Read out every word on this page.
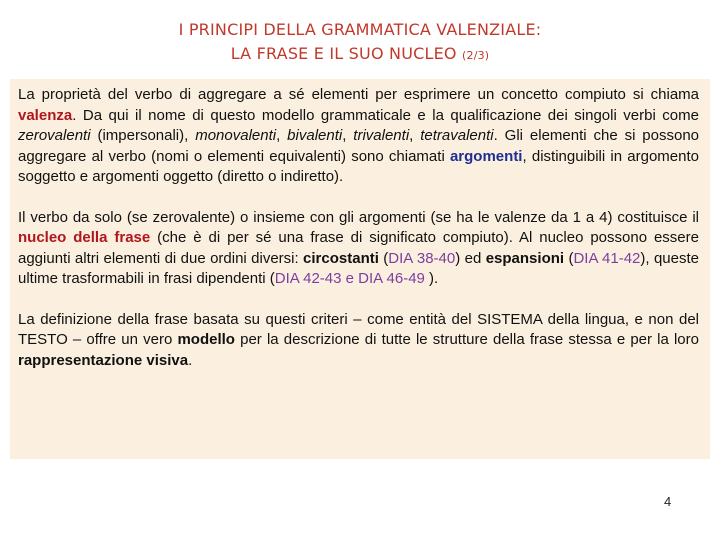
I PRINCIPI DELLA GRAMMATICA VALENZIALE:
LA FRASE E IL SUO NUCLEO (2/3)

La proprietà del verbo di aggregare a sé elementi per esprimere un concetto compiuto si chiama valenza. Da qui il nome di questo modello grammaticale e la qualificazione dei singoli verbi come zerovalenti (impersonali), monovalenti, bivalenti, trivalenti, tetravalenti. Gli elementi che si possono aggregare al verbo (nomi o elementi equivalenti) sono chiamati argomenti, distinguibili in argomento soggetto e argomenti oggetto (diretto o indiretto).

Il verbo da solo (se zerovalente) o insieme con gli argomenti (se ha le valenze da 1 a 4) costituisce il nucleo della frase (che è di per sé una frase di significato compiuto). Al nucleo possono essere aggiunti altri elementi di due ordini diversi: circostanti (DIA 38-40) ed espansioni (DIA 41-42), queste ultime trasformabili in frasi dipendenti (DIA 42-43 e DIA 46-49 ).

La definizione della frase basata su questi criteri – come entità del SISTEMA della lingua, e non del TESTO – offre un vero modello per la descrizione di tutte le strutture della frase stessa e per la loro rappresentazione visiva.

4
